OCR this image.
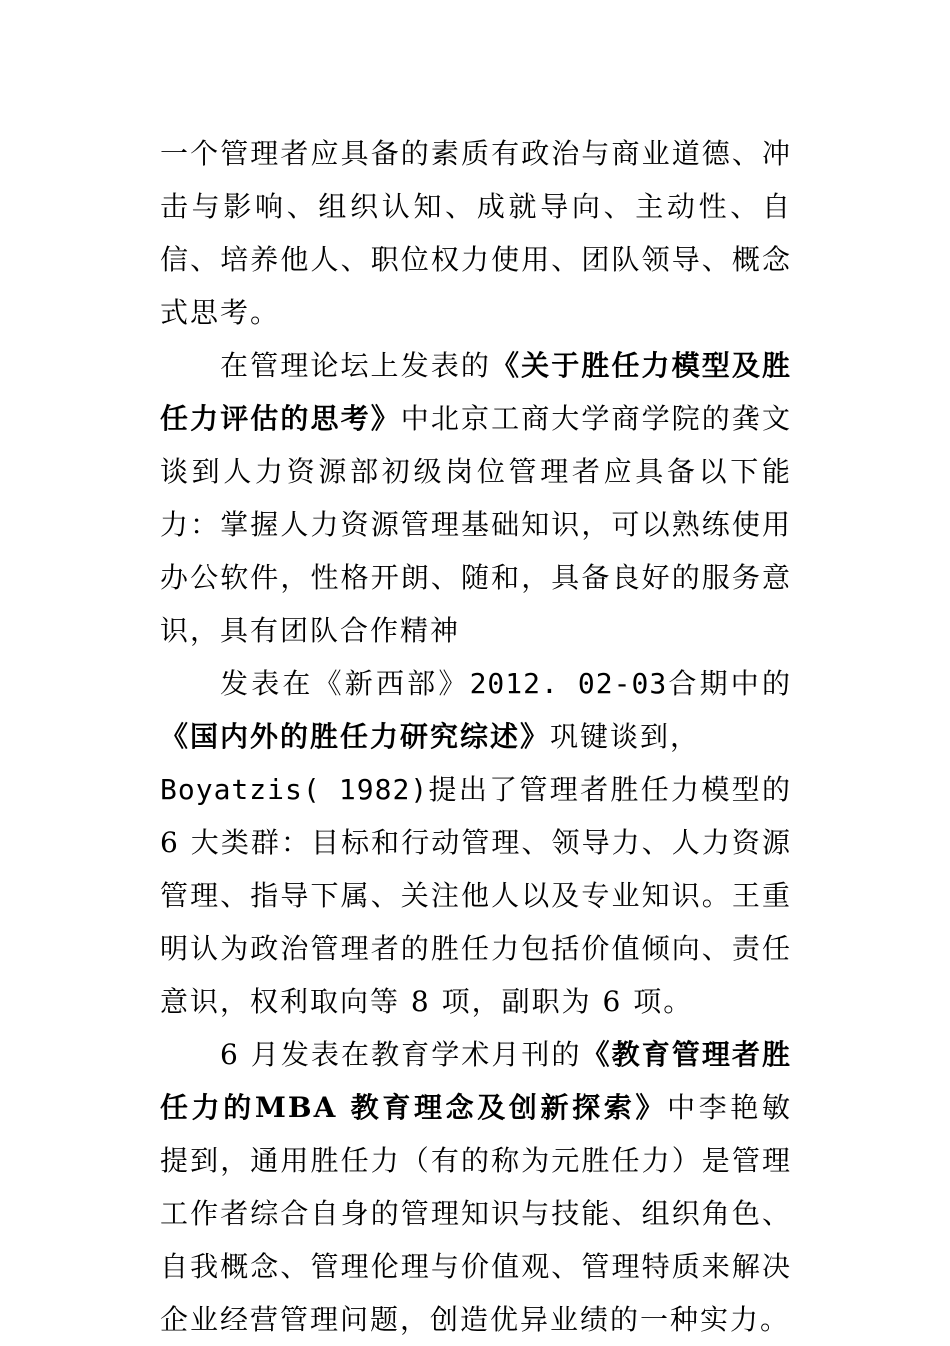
一个管理者应具备的素质有政治与商业道德、冲击与影响、组织认知、成就导向、主动性、自信、培养他人、职位权力使用、团队领导、概念式思考。

在管理论坛上发表的《关于胜任力模型及胜任力评估的思考》中北京工商大学商学院的龚文谈到人力资源部初级岗位管理者应具备以下能力：掌握人力资源管理基础知识，可以熟练使用办公软件，性格开朗、随和，具备良好的服务意识，具有团队合作精神

发表在《新西部》2012. 02-03合期中的《国内外的胜任力研究综述》巩键谈到，
Boyatzis( 1982)提出了管理者胜任力模型的 6 大类群：目标和行动管理、领导力、人力资源管理、指导下属、关注他人以及专业知识。王重明认为政治管理者的胜任力包括价值倾向、责任意识，权利取向等 8 项，副职为 6 项。

6 月发表在教育学术月刊的《教育管理者胜任力的MBA 教育理念及创新探索》中李艳敏提到，通用胜任力（有的称为元胜任力）是管理工作者综合自身的管理知识与技能、组织角色、自我概念、管理伦理与价值观、管理特质来解决企业经营管理问题，创造优异业绩的一种实力。
